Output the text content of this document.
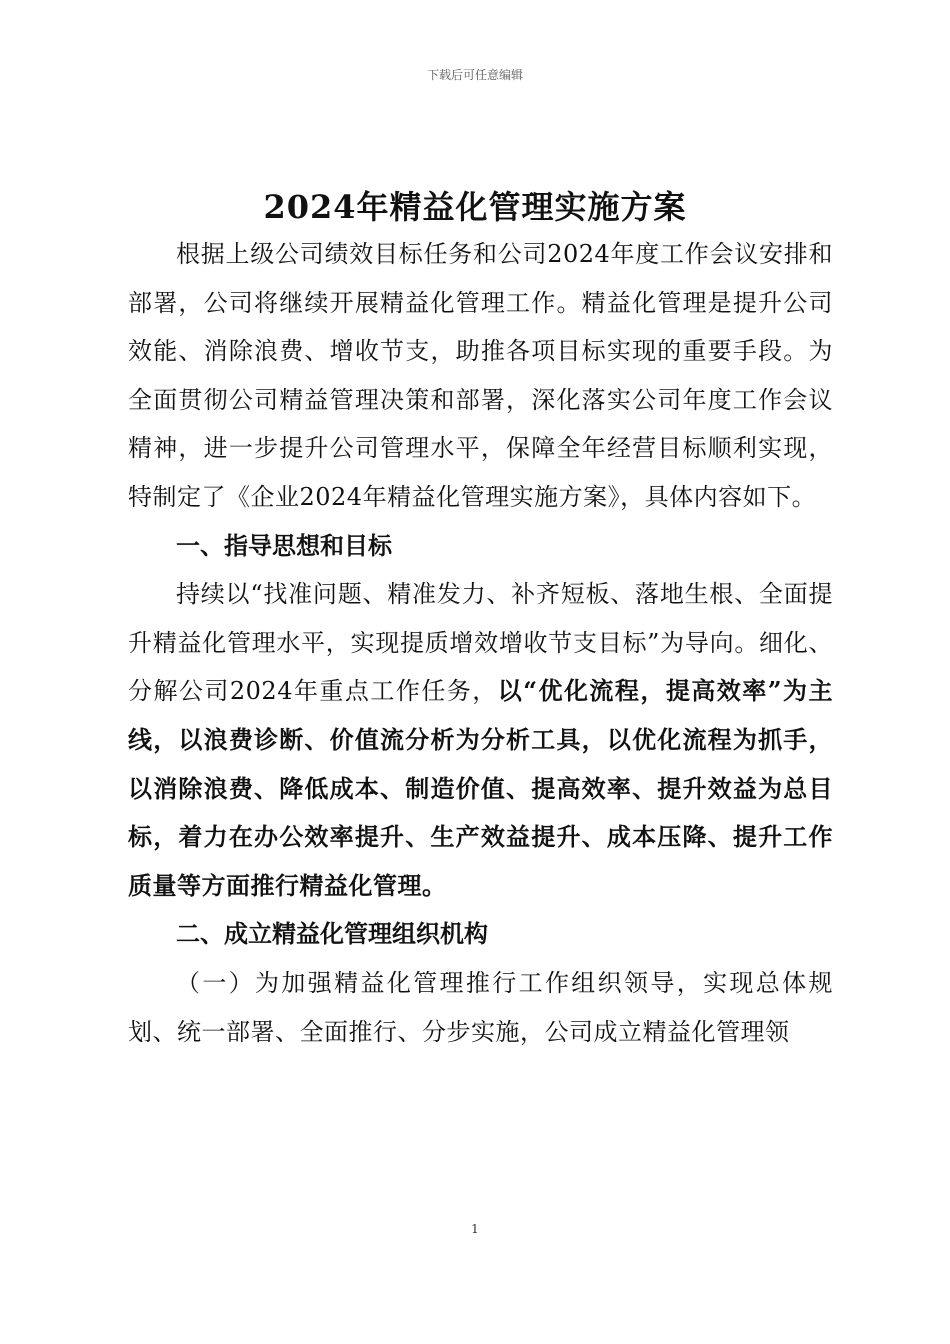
下载后可任意编辑
2024年精益化管理实施方案

根据上级公司绩效目标任务和公司2024年度工作会议安排和部署，公司将继续开展精益化管理工作。精益化管理是提升公司效能、消除浪费、增收节支，助推各项目标实现的重要手段。为全面贯彻公司精益管理决策和部署，深化落实公司年度工作会议精神，进一步提升公司管理水平，保障全年经营目标顺利实现，特制定了《企业2024年精益化管理实施方案》，具体内容如下。

一、指导思想和目标

持续以“找准问题、精准发力、补齐短板、落地生根、全面提升精益化管理水平，实现提质增效增收节支目标”为导向。细化、分解公司2024年重点工作任务，以“优化流程，提高效率”为主线，以浪费诊断、价值流分析为分析工具，以优化流程为抓手，以消除浪费、降低成本、制造价值、提高效率、提升效益为总目标，着力在办公效率提升、生产效益提升、成本压降、提升工作质量等方面推行精益化管理。

二、成立精益化管理组织机构

（一）为加强精益化管理推行工作组织领导，实现总体规划、统一部署、全面推行、分步实施，公司成立精益化管理领

1
